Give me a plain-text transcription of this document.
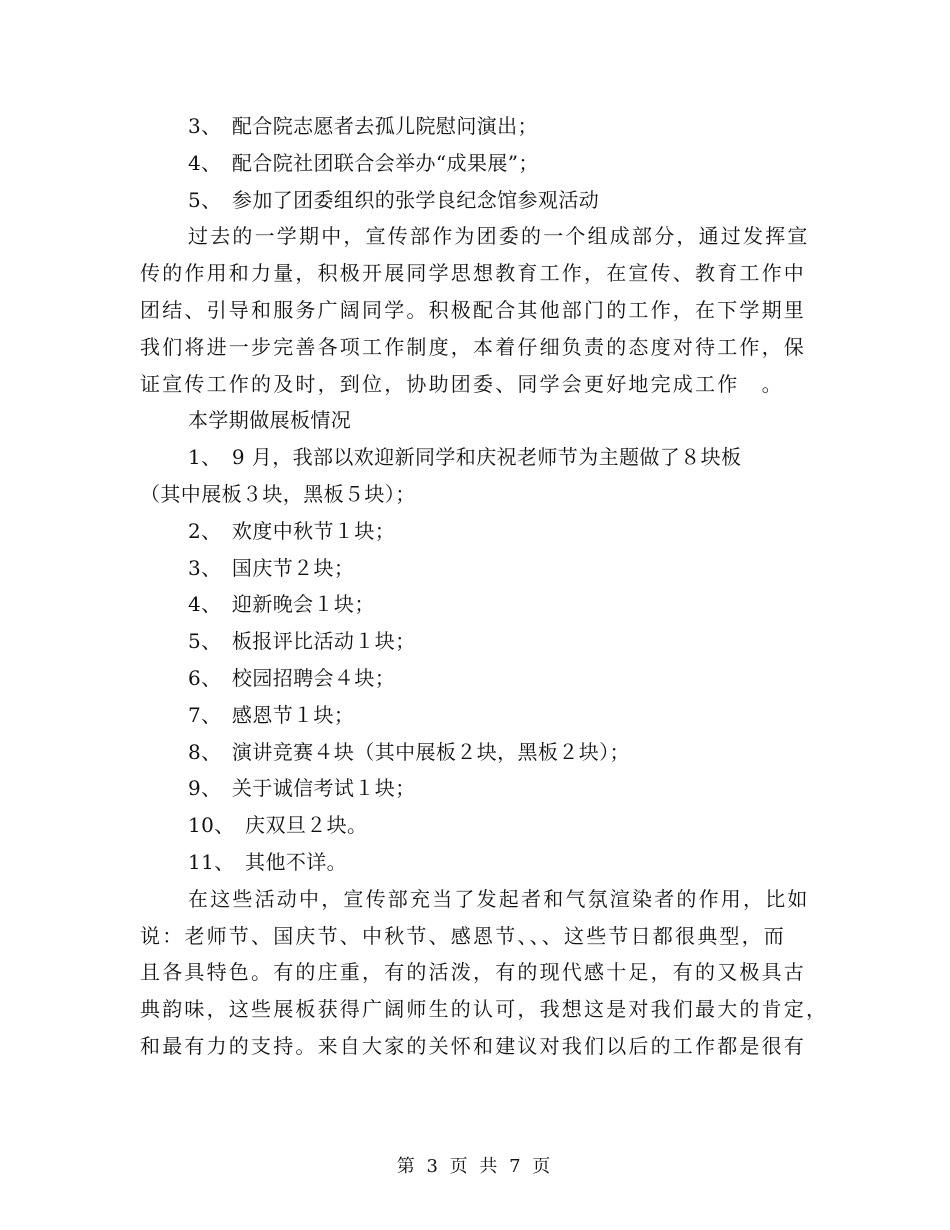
3、　配合院志愿者去孤儿院慰问演出；
4、　配合院社团联合会举办“成果展”；
5、　参加了团委组织的张学良纪念馆参观活动
过去的一学期中，宣传部作为团委的一个组成部分，通过发挥宣
传的作用和力量，积极开展同学思想教育工作，在宣传、教育工作中
团结、引导和服务广阔同学。积极配合其他部门的工作，在下学期里
我们将进一步完善各项工作制度，本着仔细负责的态度对待工作，保
证宣传工作的及时，到位，协助团委、同学会更好地完成工作　。
本学期做展板情况
1、　9 月，我部以欢迎新同学和庆祝老师节为主题做了８块板
（其中展板３块，黑板５块）；
2、　欢度中秋节１块；
3、　国庆节２块；
4、　迎新晚会１块；
5、　板报评比活动１块；
6、　校园招聘会４块；
7、　感恩节１块；
8、　演讲竞赛４块（其中展板２块，黑板２块）；
9、　关于诚信考试１块；
10、　庆双旦２块。
11、　其他不详。
在这些活动中，宣传部充当了发起者和气氛渲染者的作用，比如
说：老师节、国庆节、中秋节、感恩节、、、这些节日都很典型，而
且各具特色。有的庄重，有的活泼，有的现代感十足，有的又极具古
典韵味，这些展板获得广阔师生的认可，我想这是对我们最大的肯定，
和最有力的支持。来自大家的关怀和建议对我们以后的工作都是很有
第 3 页 共 7 页
